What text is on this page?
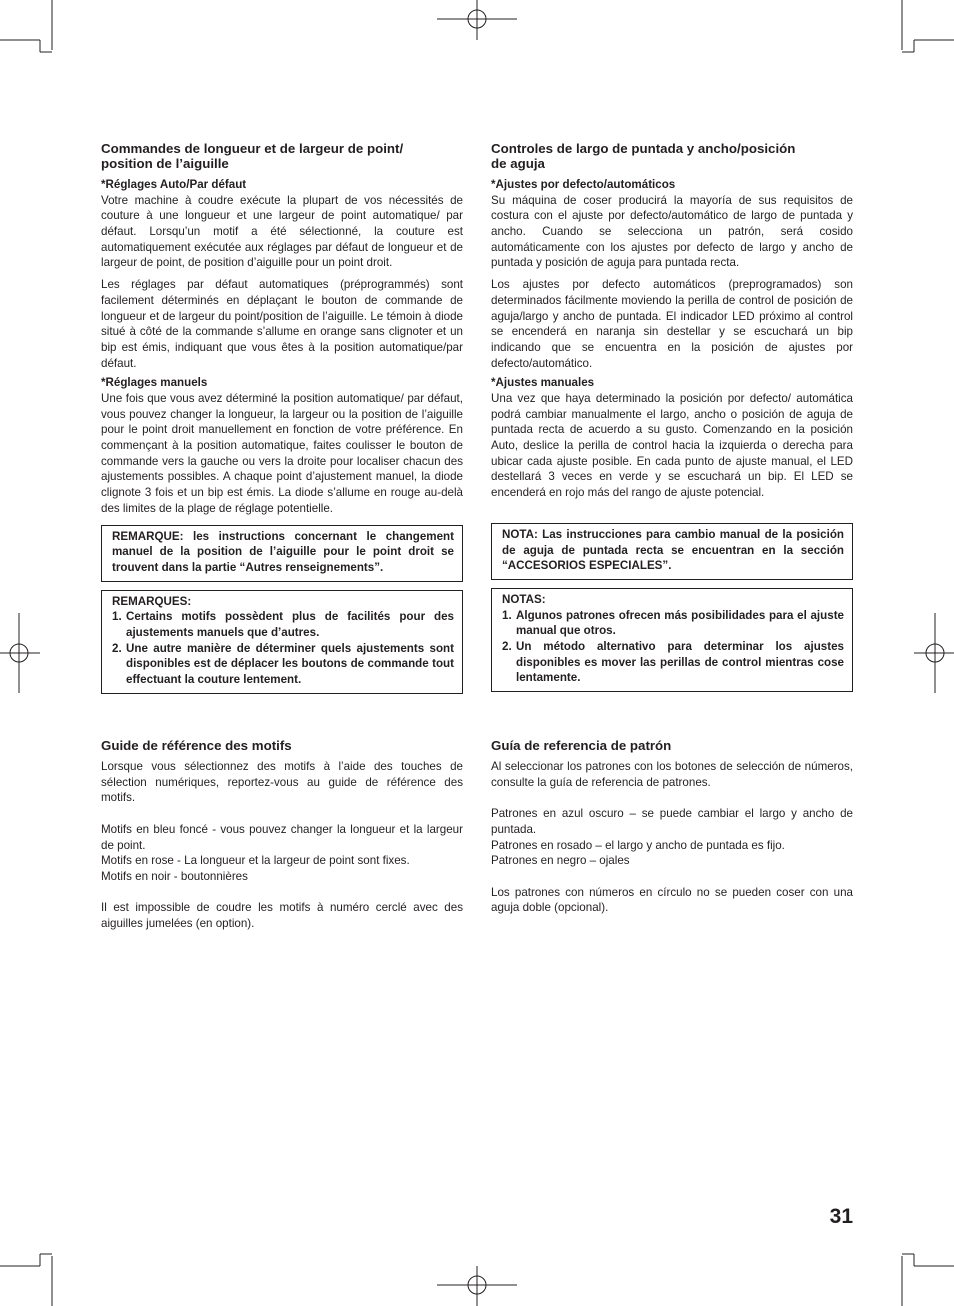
Commandes de longueur et de largeur de point/
position de l’aiguille
*Réglages Auto/Par défaut

Votre machine à coudre exécute la plupart de vos nécessités de couture à une longueur et une largeur de point automatique/ par défaut. Lorsqu’un motif a été sélectionné, la couture est automatiquement exécutée aux réglages par défaut de longueur et de largeur de point, de position d’aiguille pour un point droit.

Les réglages par défaut automatiques (préprogrammés) sont facilement déterminés en déplaçant le bouton de commande de longueur et de largeur du point/position de l’aiguille. Le témoin à diode situé à côté de la commande s’allume en orange sans clignoter et un bip est émis, indiquant que vous êtes à la position automatique/par défaut.

*Réglages manuels

Une fois que vous avez déterminé la position automatique/ par défaut, vous pouvez changer la longueur, la largeur ou la position de l’aiguille pour le point droit manuellement en fonction de votre préférence. En commençant à la position automatique, faites coulisser le bouton de commande vers la gauche ou vers la droite pour localiser chacun des ajustements possibles. A chaque point d’ajustement manuel, la diode clignote 3 fois et un bip est émis. La diode s’allume en rouge au-delà des limites de la plage de réglage potentielle.

REMARQUE: les instructions concernant le changement manuel de la position de l’aiguille pour le point droit se trouvent dans la partie “Autres renseignements”.
REMARQUES:
1. Certains motifs possèdent plus de facilités pour des ajustements manuels que d’autres.
2. Une autre manière de déterminer quels ajustements sont disponibles est de déplacer les boutons de commande tout effectuant la couture lentement.
Controles de largo de puntada y ancho/posición
de aguja
*Ajustes por defecto/automáticos

Su máquina de coser producirá la mayoría de sus requisitos de costura con el ajuste por defecto/automático de largo de puntada y ancho. Cuando se selecciona un patrón, será cosido automáticamente con los ajustes por defecto de largo y ancho de puntada y posición de aguja para puntada recta.

Los ajustes por defecto automáticos (preprogramados) son determinados fácilmente moviendo la perilla de control de posición de aguja/largo y ancho de puntada. El indicador LED próximo al control se encenderá en naranja sin destellar y se escuchará un bip indicando que se encuentra en la posición de ajustes por defecto/automático.

*Ajustes manuales

Una vez que haya determinado la posición por defecto/ automática podrá cambiar manualmente el largo, ancho o posición de aguja de puntada recta de acuerdo a su gusto. Comenzando en la posición Auto, deslice la perilla de control hacia la izquierda o derecha para ubicar cada ajuste posible. En cada punto de ajuste manual, el LED destellará 3 veces en verde y se escuchará un bip. El LED se encenderá en rojo más del rango de ajuste potencial.

NOTA: Las instrucciones para cambio manual de la posición de aguja de puntada recta se encuentran en la sección “ACCESORIOS ESPECIALES”.
NOTAS:
1. Algunos patrones ofrecen más posibilidades para el ajuste manual que otros.
2. Un método alternativo para determinar los ajustes disponibles es mover las perillas de control mientras cose lentamente.
Guide de référence des motifs

Lorsque vous sélectionnez des motifs à l’aide des touches de sélection numériques, reportez-vous au guide de référence des motifs.

Motifs en bleu foncé - vous pouvez changer la longueur et la largeur de point.

Motifs en rose - La longueur et la largeur de point sont fixes.

Motifs en noir - boutonnières

Il est impossible de coudre les motifs à numéro cerclé avec des aiguilles jumelées (en option).

Guía de referencia de patrón

Al seleccionar los patrones con los botones de selección de números, consulte la guía de referencia de patrones.

Patrones en azul oscuro – se puede cambiar el largo y ancho de puntada.

Patrones en rosado – el largo y ancho de puntada es fijo.

Patrones en negro – ojales

Los patrones con números en círculo no se pueden coser con una aguja doble (opcional).

31
